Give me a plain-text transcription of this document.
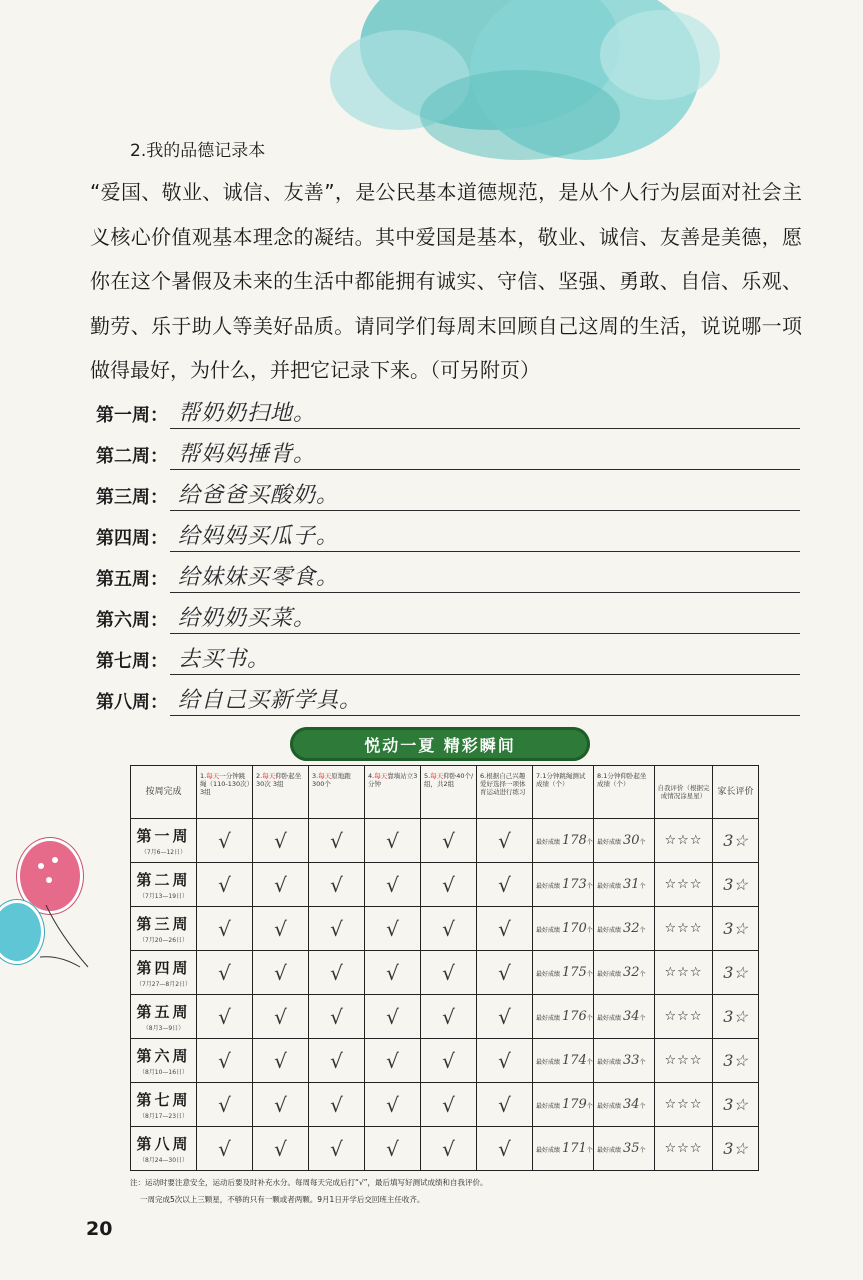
2.我的品德记录本

“爱国、敬业、诚信、友善”，是公民基本道德规范，是从个人行为层面对社会主义核心价值观基本理念的凝结。其中爱国是基本，敬业、诚信、友善是美德，愿你在这个暑假及未来的生活中都能拥有诚实、守信、坚强、勇敢、自信、乐观、勤劳、乐于助人等美好品质。请同学们每周末回顾自己这周的生活，说说哪一项做得最好，为什么，并把它记录下来。（可另附页）

第一周： 帮奶奶扫地。
第二周： 帮妈妈捶背。
第三周： 给爸爸买酸奶。
第四周： 给妈妈买瓜子。
第五周： 给妹妹买零食。
第六周： 给奶奶买菜。
第七周： 去买书。
第八周： 给自己买新学具。
悦动一夏 精彩瞬间
按周完成	1.每天一分钟跳绳（110-130次）3组	2.每天仰卧起坐30次 3组	3.每天原地跑300个	4.每天靠墙站立3分钟	5.每天仰卧40个/组，共2组	6.根据自己兴趣爱好选择一项体育运动进行练习	7.1分钟跳绳测试成绩（个）	8.1分钟仰卧起坐成绩（个）	自我评价（根据完成情况涂星星）	家长评价

第一周
（7月6—12日）	√	√	√	√	√	√	最好成绩 178个	最好成绩 30个	☆☆☆	3☆

第二周
（7月13—19日）	√	√	√	√	√	√	最好成绩 173个	最好成绩 31个	☆☆☆	3☆

第三周
（7月20—26日）	√	√	√	√	√	√	最好成绩 170个	最好成绩 32个	☆☆☆	3☆

第四周
（7月27—8月2日）	√	√	√	√	√	√	最好成绩 175个	最好成绩 32个	☆☆☆	3☆

第五周
（8月3—9日）	√	√	√	√	√	√	最好成绩 176个	最好成绩 34个	☆☆☆	3☆

第六周
（8月10—16日）	√	√	√	√	√	√	最好成绩 174个	最好成绩 33个	☆☆☆	3☆

第七周
（8月17—23日）	√	√	√	√	√	√	最好成绩 179个	最好成绩 34个	☆☆☆	3☆

第八周
（8月24—30日）	√	√	√	√	√	√	最好成绩 171个	最好成绩 35个	☆☆☆	3☆
注：运动时要注意安全，运动后要及时补充水分。每周每天完成后打“√”，最后填写好测试成绩和自我评价。
一周完成5次以上三颗星，不够的只有一颗或者两颗。9月1日开学后交回班主任收齐。
20
